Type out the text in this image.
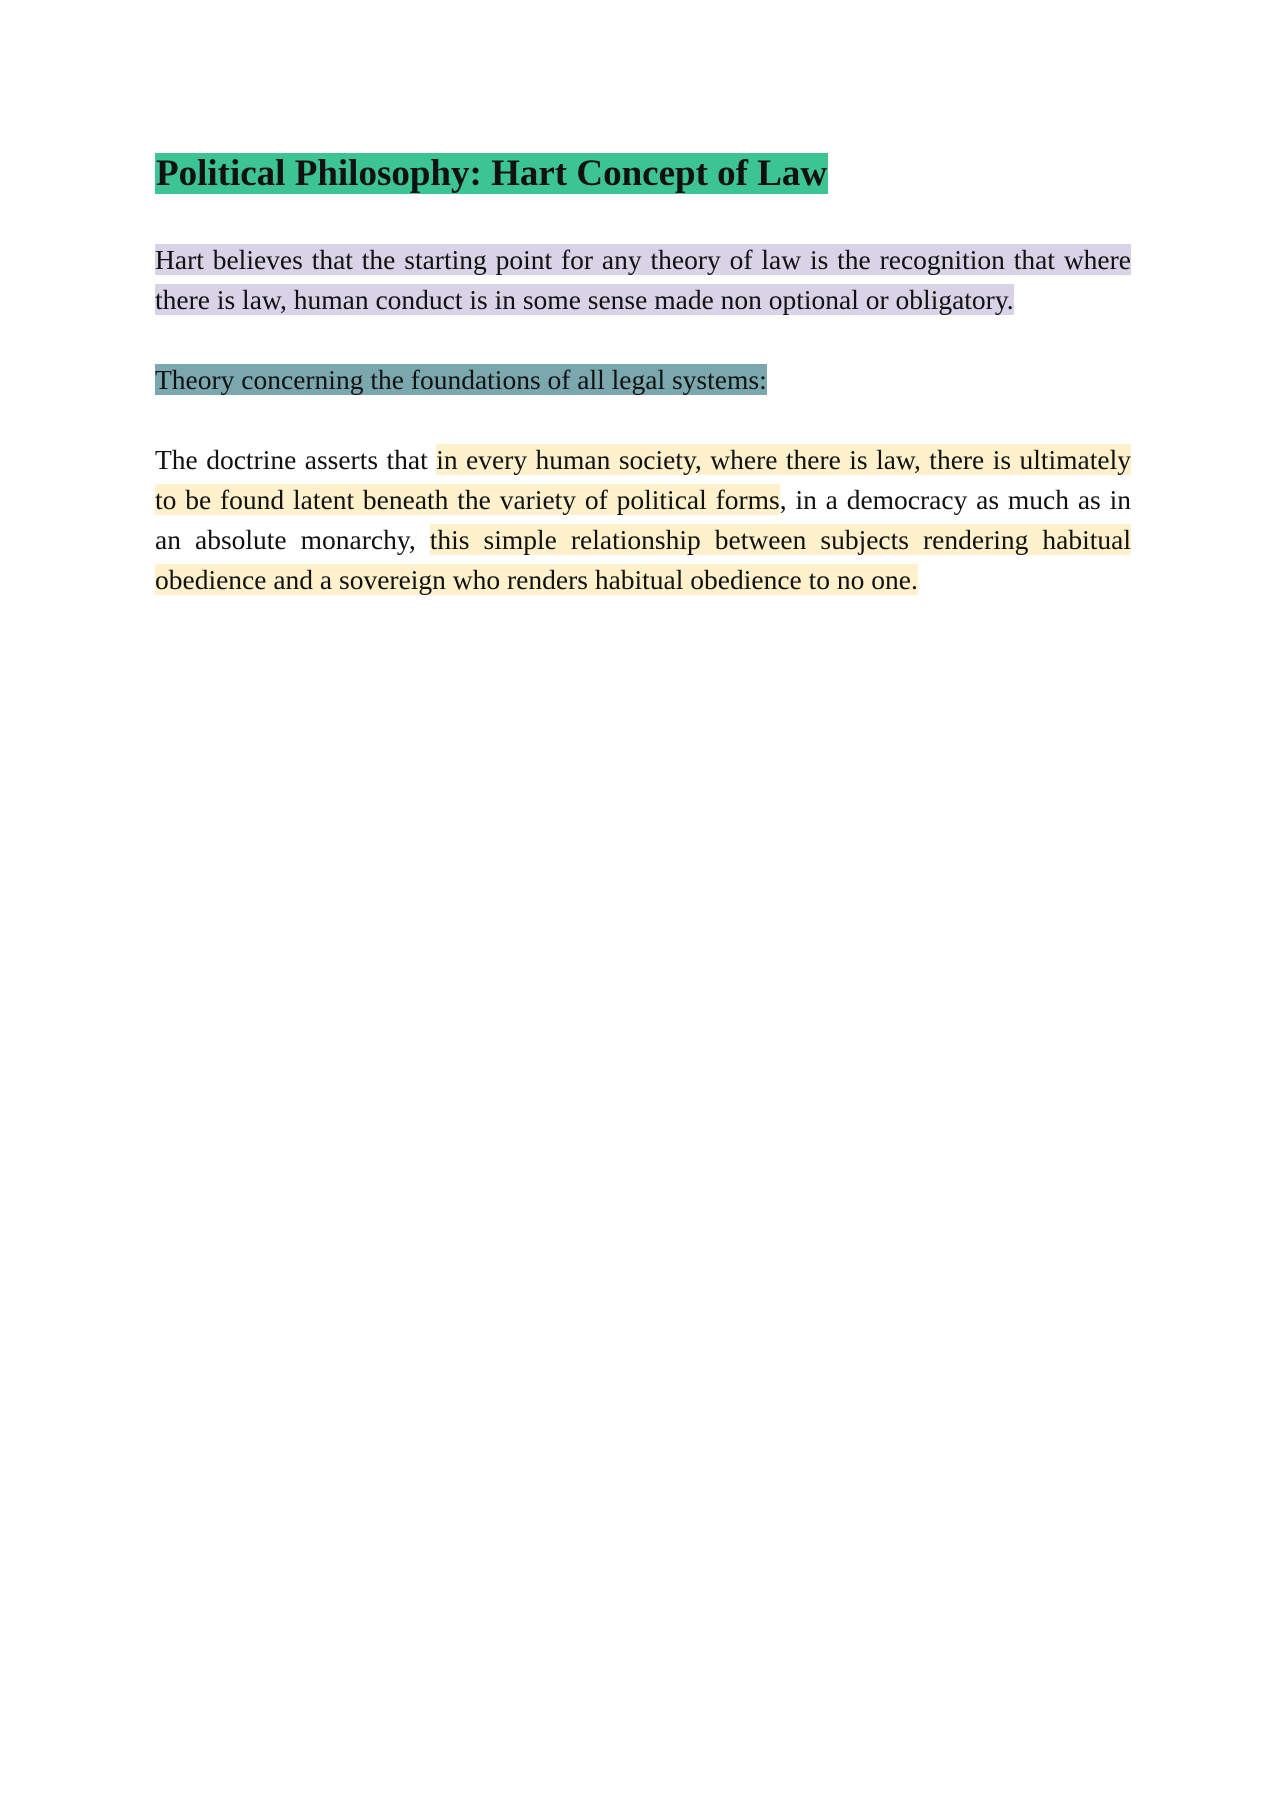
Political Philosophy: Hart Concept of Law

Hart believes that the starting point for any theory of law is the recognition that where there is law, human conduct is in some sense made non optional or obligatory.

Theory concerning the foundations of all legal systems:

The doctrine asserts that in every human society, where there is law, there is ultimately to be found latent beneath the variety of political forms, in a democracy as much as in an absolute monarchy, this simple relationship between subjects rendering habitual obedience and a sovereign who renders habitual obedience to no one.
